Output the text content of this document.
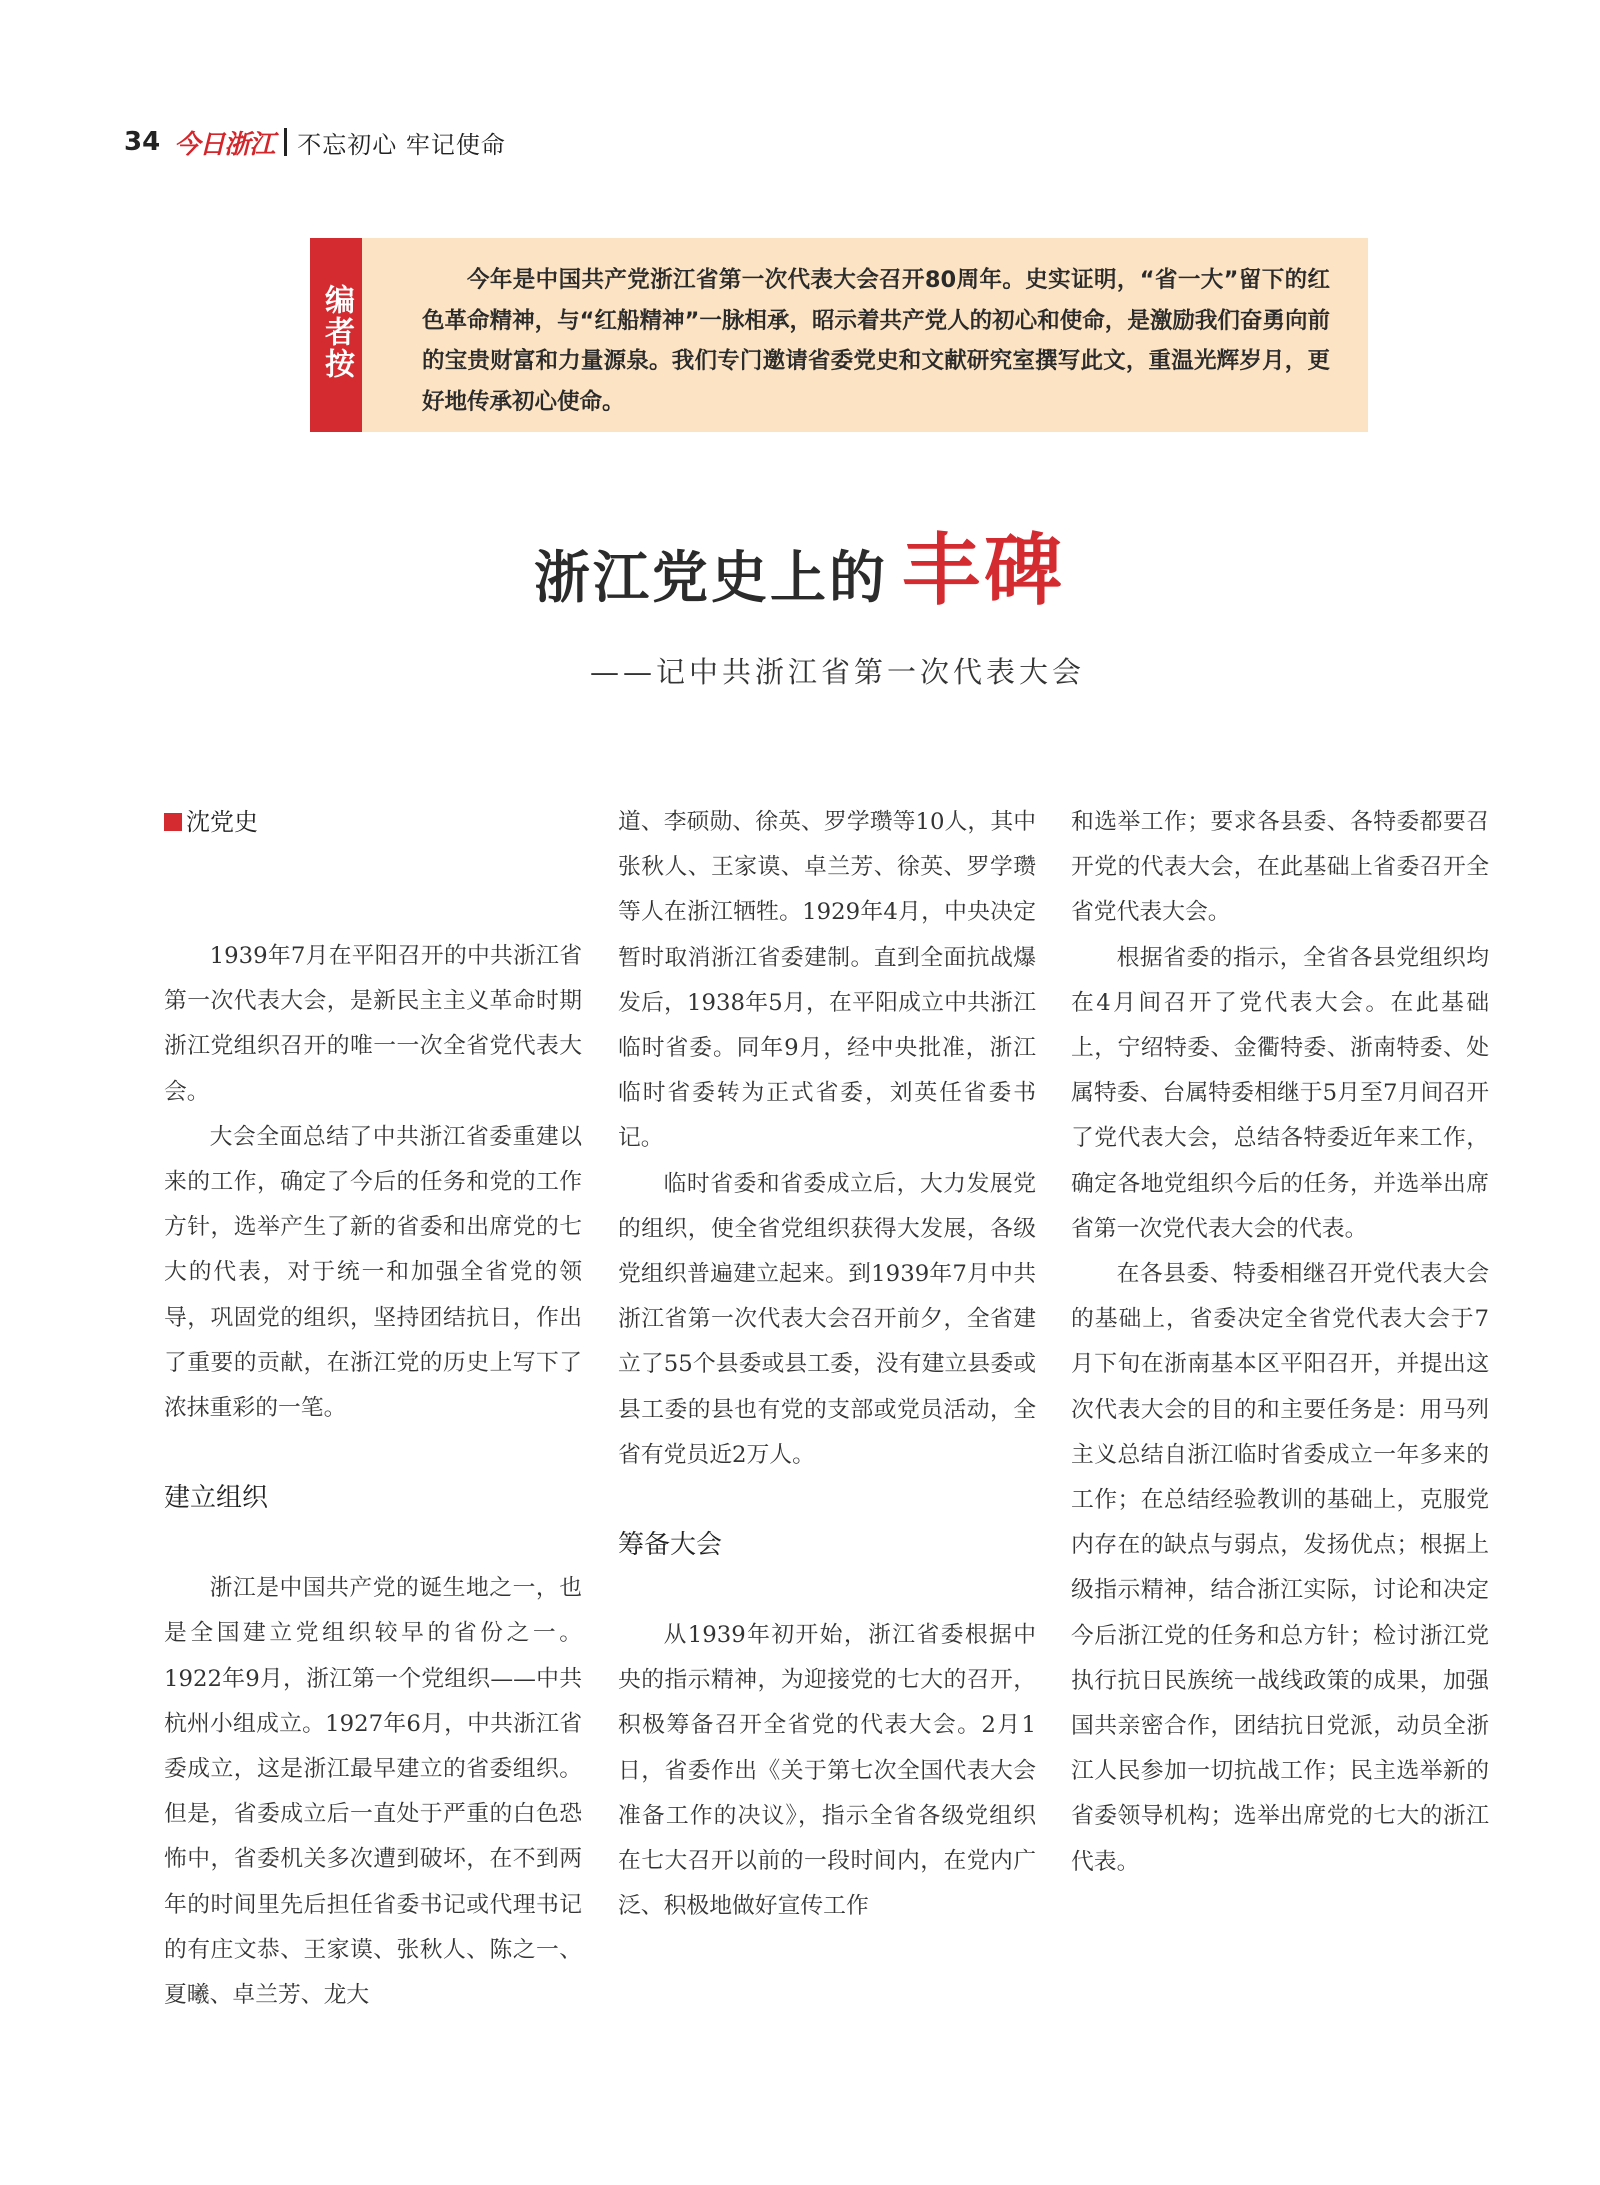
34 今日浙江 不忘初心 牢记使命
编者按
今年是中国共产党浙江省第一次代表大会召开80周年。史实证明，“省一大”留下的红色革命精神，与“红船精神”一脉相承，昭示着共产党人的初心和使命，是激励我们奋勇向前的宝贵财富和力量源泉。我们专门邀请省委党史和文献研究室撰写此文，重温光辉岁月，更好地传承初心使命。
浙江党史上的 丰碑
——记中共浙江省第一次代表大会
沈党史

1939年7月在平阳召开的中共浙江省第一次代表大会，是新民主主义革命时期浙江党组织召开的唯一一次全省党代表大会。

大会全面总结了中共浙江省委重建以来的工作，确定了今后的任务和党的工作方针，选举产生了新的省委和出席党的七大的代表，对于统一和加强全省党的领导，巩固党的组织，坚持团结抗日，作出了重要的贡献，在浙江党的历史上写下了浓抹重彩的一笔。

建立组织

浙江是中国共产党的诞生地之一，也是全国建立党组织较早的省份之一。1922年9月，浙江第一个党组织——中共杭州小组成立。1927年6月，中共浙江省委成立，这是浙江最早建立的省委组织。但是，省委成立后一直处于严重的白色恐怖中，省委机关多次遭到破坏，在不到两年的时间里先后担任省委书记或代理书记的有庄文恭、王家谟、张秋人、陈之一、夏曦、卓兰芳、龙大

道、李硕勋、徐英、罗学瓒等10人，其中张秋人、王家谟、卓兰芳、徐英、罗学瓒等人在浙江牺牲。1929年4月，中央决定暂时取消浙江省委建制。直到全面抗战爆发后，1938年5月，在平阳成立中共浙江临时省委。同年9月，经中央批准，浙江临时省委转为正式省委，刘英任省委书记。

临时省委和省委成立后，大力发展党的组织，使全省党组织获得大发展，各级党组织普遍建立起来。到1939年7月中共浙江省第一次代表大会召开前夕，全省建立了55个县委或县工委，没有建立县委或县工委的县也有党的支部或党员活动，全省有党员近2万人。

筹备大会

从1939年初开始，浙江省委根据中央的指示精神，为迎接党的七大的召开，积极筹备召开全省党的代表大会。2月1日，省委作出《关于第七次全国代表大会准备工作的决议》，指示全省各级党组织在七大召开以前的一段时间内，在党内广泛、积极地做好宣传工作

和选举工作；要求各县委、各特委都要召开党的代表大会，在此基础上省委召开全省党代表大会。

根据省委的指示，全省各县党组织均在4月间召开了党代表大会。在此基础上，宁绍特委、金衢特委、浙南特委、处属特委、台属特委相继于5月至7月间召开了党代表大会，总结各特委近年来工作，确定各地党组织今后的任务，并选举出席省第一次党代表大会的代表。

在各县委、特委相继召开党代表大会的基础上，省委决定全省党代表大会于7月下旬在浙南基本区平阳召开，并提出这次代表大会的目的和主要任务是：用马列主义总结自浙江临时省委成立一年多来的工作；在总结经验教训的基础上，克服党内存在的缺点与弱点，发扬优点；根据上级指示精神，结合浙江实际，讨论和决定今后浙江党的任务和总方针；检讨浙江党执行抗日民族统一战线政策的成果，加强国共亲密合作，团结抗日党派，动员全浙江人民参加一切抗战工作；民主选举新的省委领导机构；选举出席党的七大的浙江代表。
